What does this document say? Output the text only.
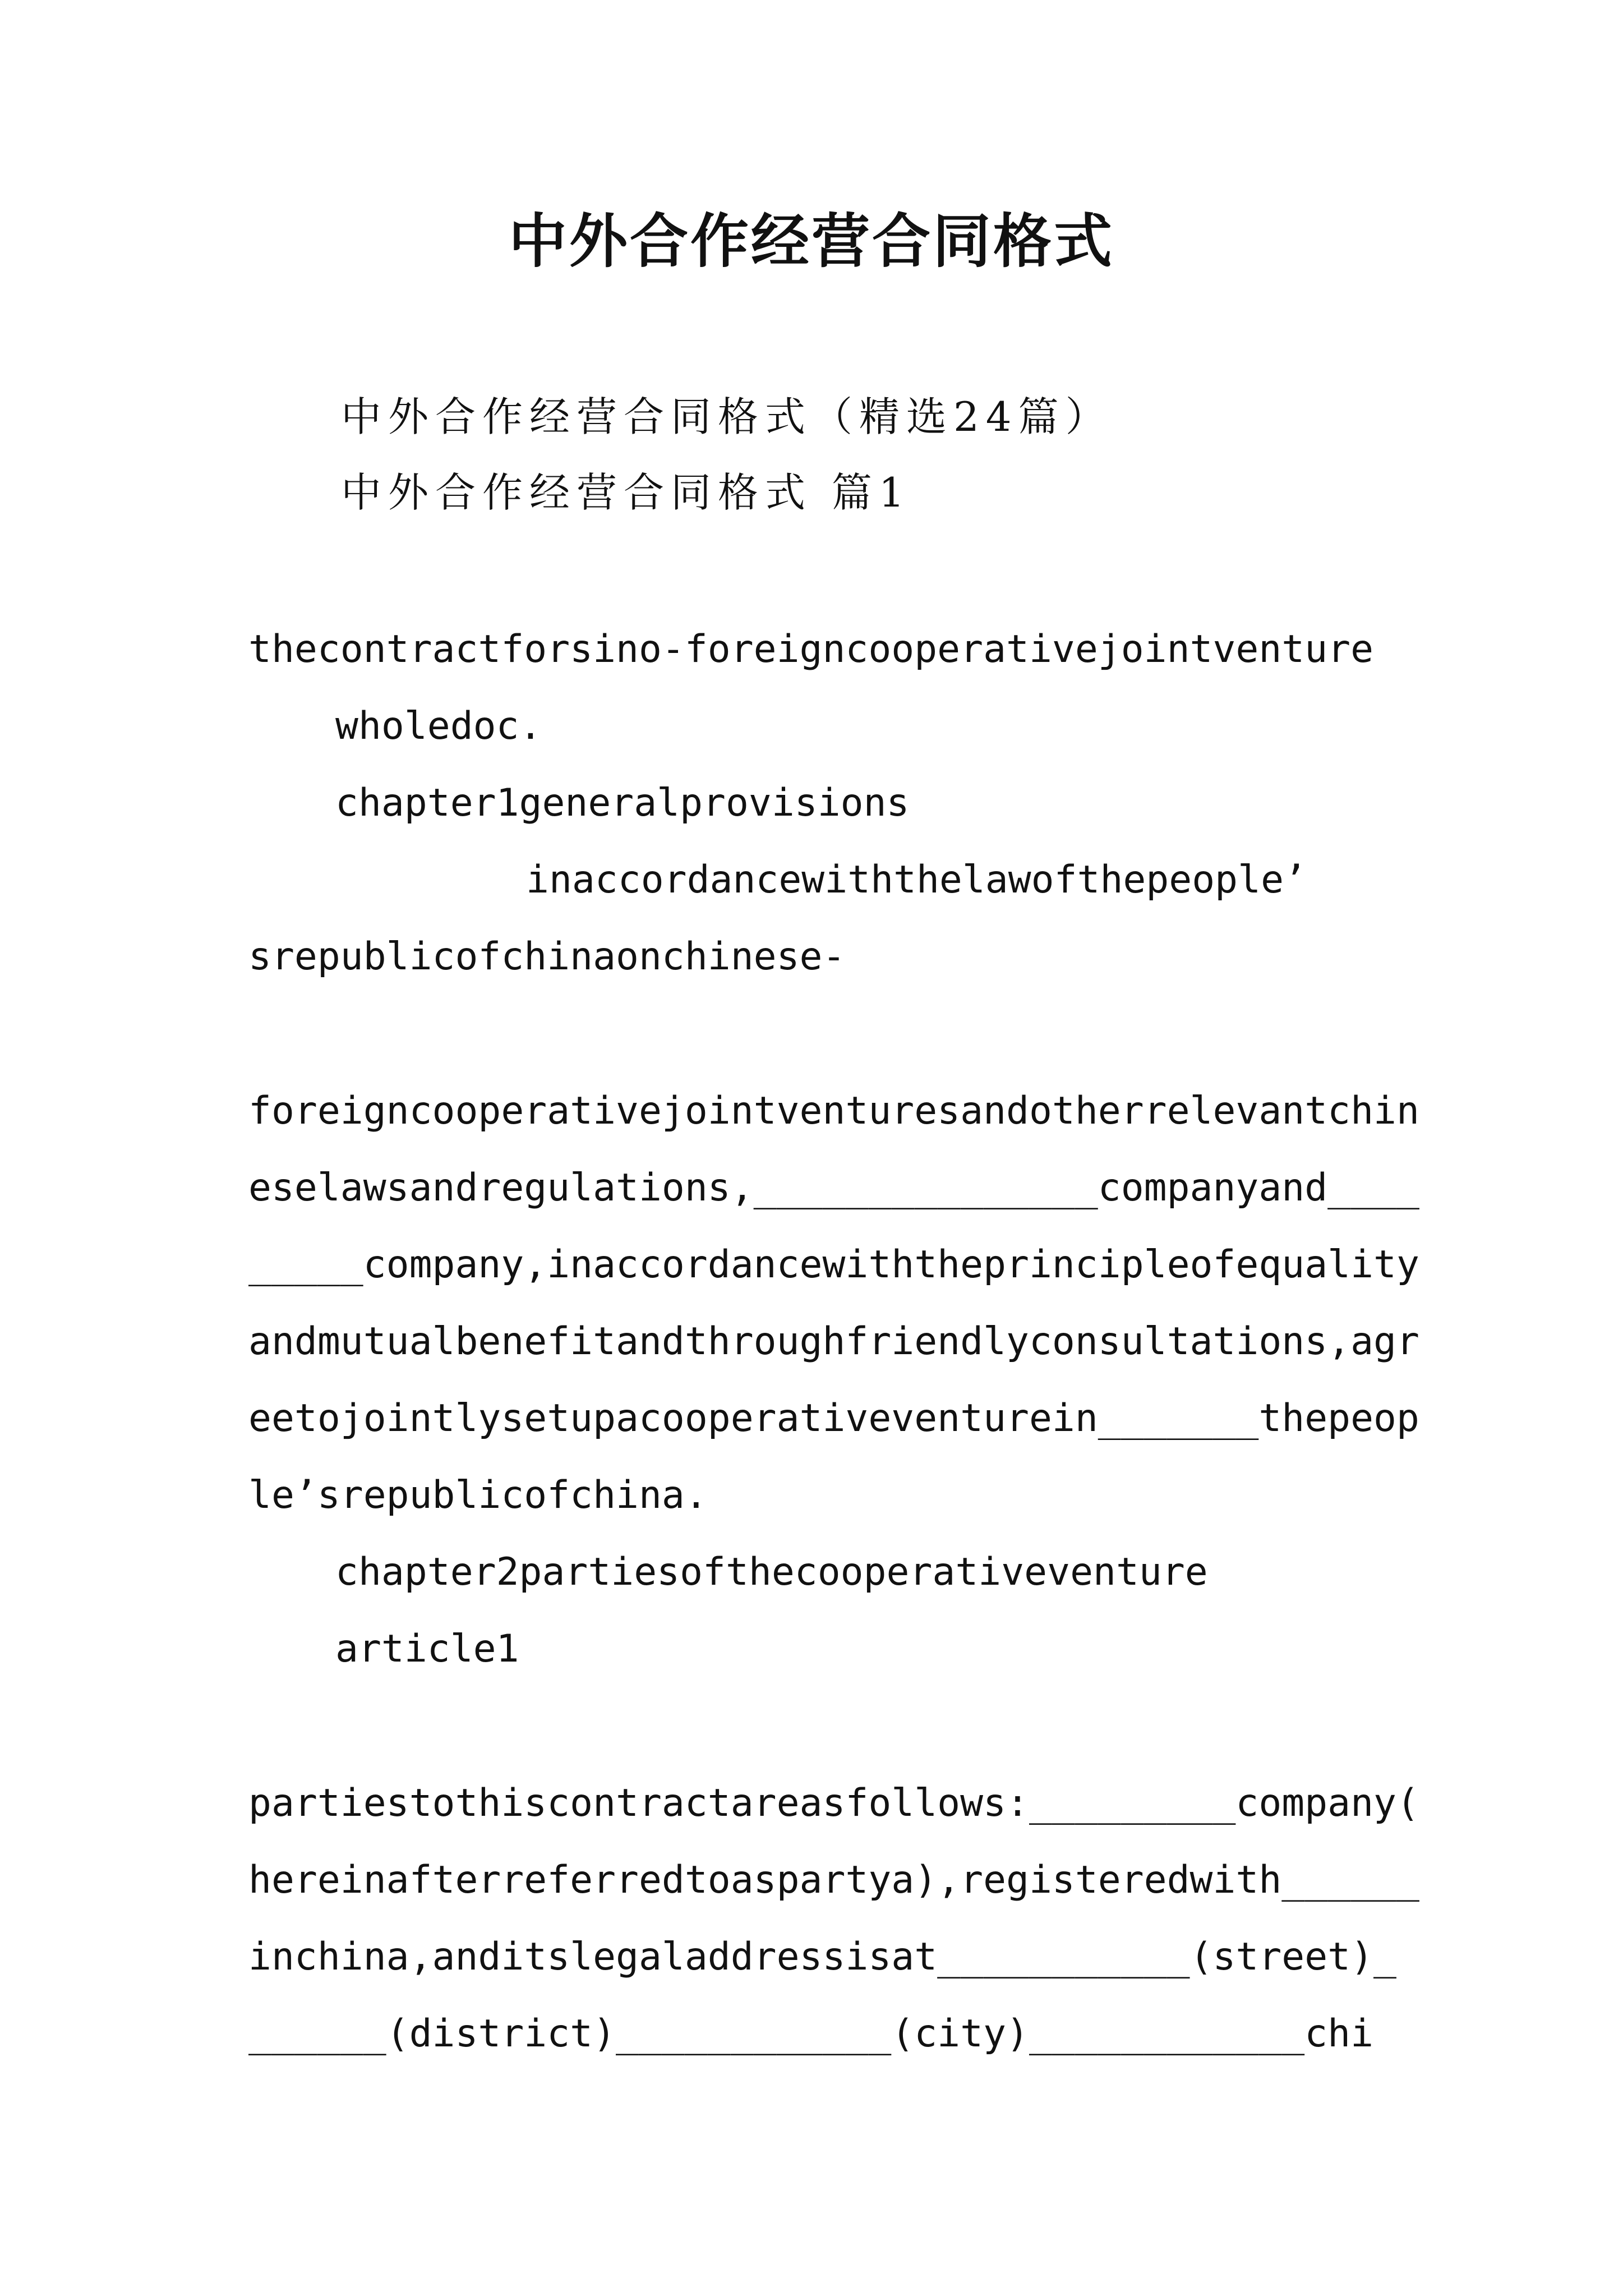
中外合作经营合同格式
中外合作经营合同格式（精选24篇）
中外合作经营合同格式 篇1
thecontractforsino-foreigncooperativejointventure
wholedoc.
chapter1generalprovisions
inaccordancewiththelawofthepeople’
srepublicofchinaonchinese-
foreigncooperativejointventuresandotherrelevantchin
eselawsandregulations,_______________companyand____
_____company,inaccordancewiththeprincipleofequality
andmutualbenefitandthroughfriendlyconsultations,agr
eetojointlysetupacooperativeventurein_______thepeop
le’srepublicofchina.
chapter2partiesofthecooperativeventure
article1
partiestothiscontractareasfollows:_________company(
hereinafterreferredtoaspartya),registeredwith______
inchina,anditslegaladdressisat___________(street)_
______(district)____________(city)____________chi
